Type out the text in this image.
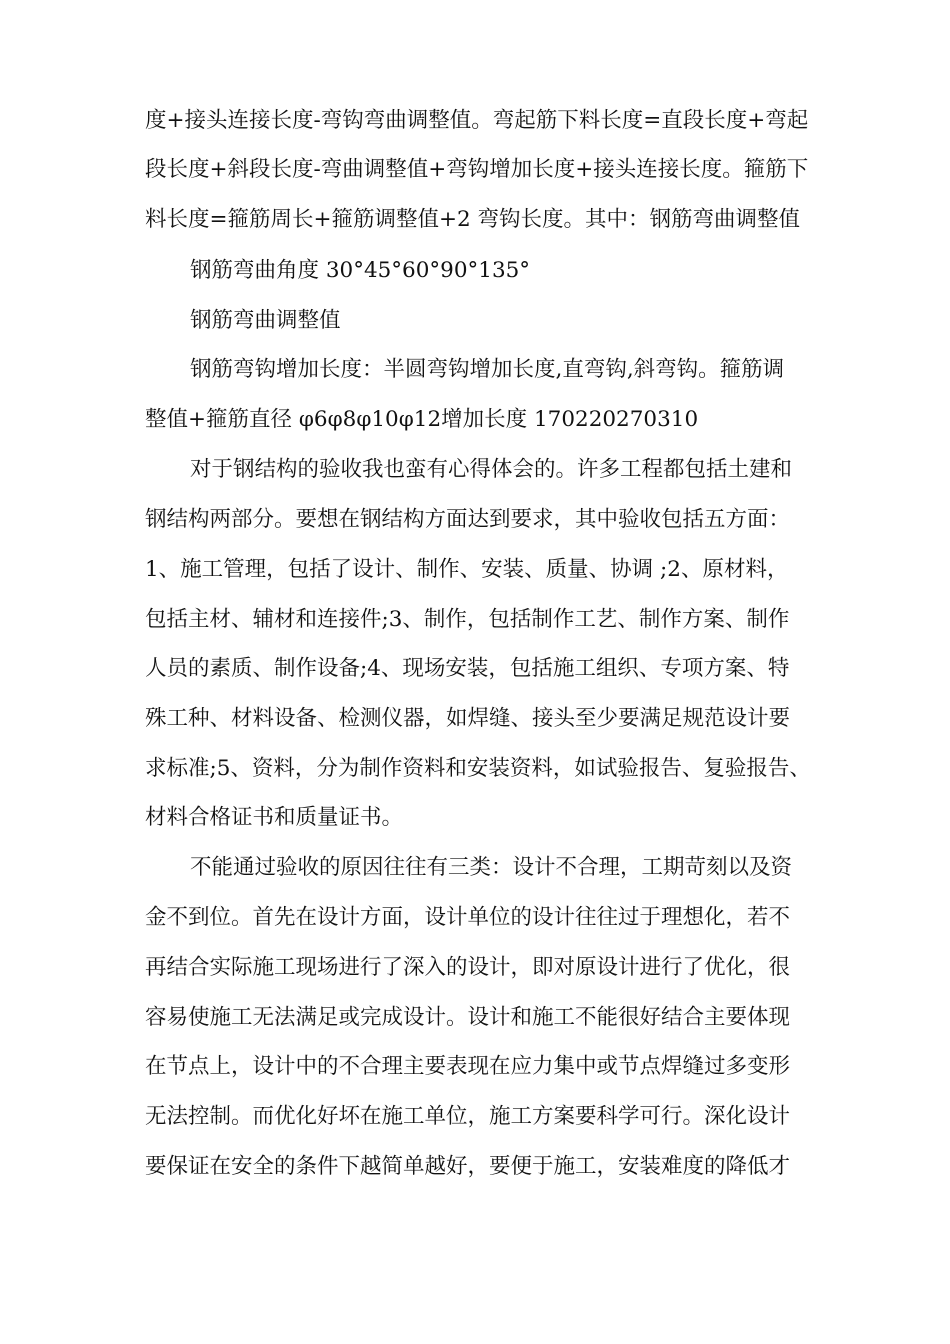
度+接头连接长度-弯钩弯曲调整值。弯起筋下料长度=直段长度+弯起
段长度+斜段长度-弯曲调整值+弯钩增加长度+接头连接长度。箍筋下
料长度=箍筋周长+箍筋调整值+2 弯钩长度。其中：钢筋弯曲调整值
钢筋弯曲角度 30°45°60°90°135°
钢筋弯曲调整值
钢筋弯钩增加长度：半圆弯钩增加长度,直弯钩,斜弯钩。箍筋调
整值+箍筋直径 φ6φ8φ10φ12增加长度 170220270310
对于钢结构的验收我也蛮有心得体会的。许多工程都包括土建和
钢结构两部分。要想在钢结构方面达到要求，其中验收包括五方面：
1、施工管理，包括了设计、制作、安装、质量、协调 ;2、原材料，
包括主材、辅材和连接件;3、制作，包括制作工艺、制作方案、制作
人员的素质、制作设备;4、现场安装，包括施工组织、专项方案、特
殊工种、材料设备、检测仪器，如焊缝、接头至少要满足规范设计要
求标准;5、资料，分为制作资料和安装资料，如试验报告、复验报告、
材料合格证书和质量证书。
不能通过验收的原因往往有三类：设计不合理，工期苛刻以及资
金不到位。首先在设计方面，设计单位的设计往往过于理想化，若不
再结合实际施工现场进行了深入的设计，即对原设计进行了优化，很
容易使施工无法满足或完成设计。设计和施工不能很好结合主要体现
在节点上，设计中的不合理主要表现在应力集中或节点焊缝过多变形
无法控制。而优化好坏在施工单位，施工方案要科学可行。深化设计
要保证在安全的条件下越简单越好，要便于施工，安装难度的降低才
